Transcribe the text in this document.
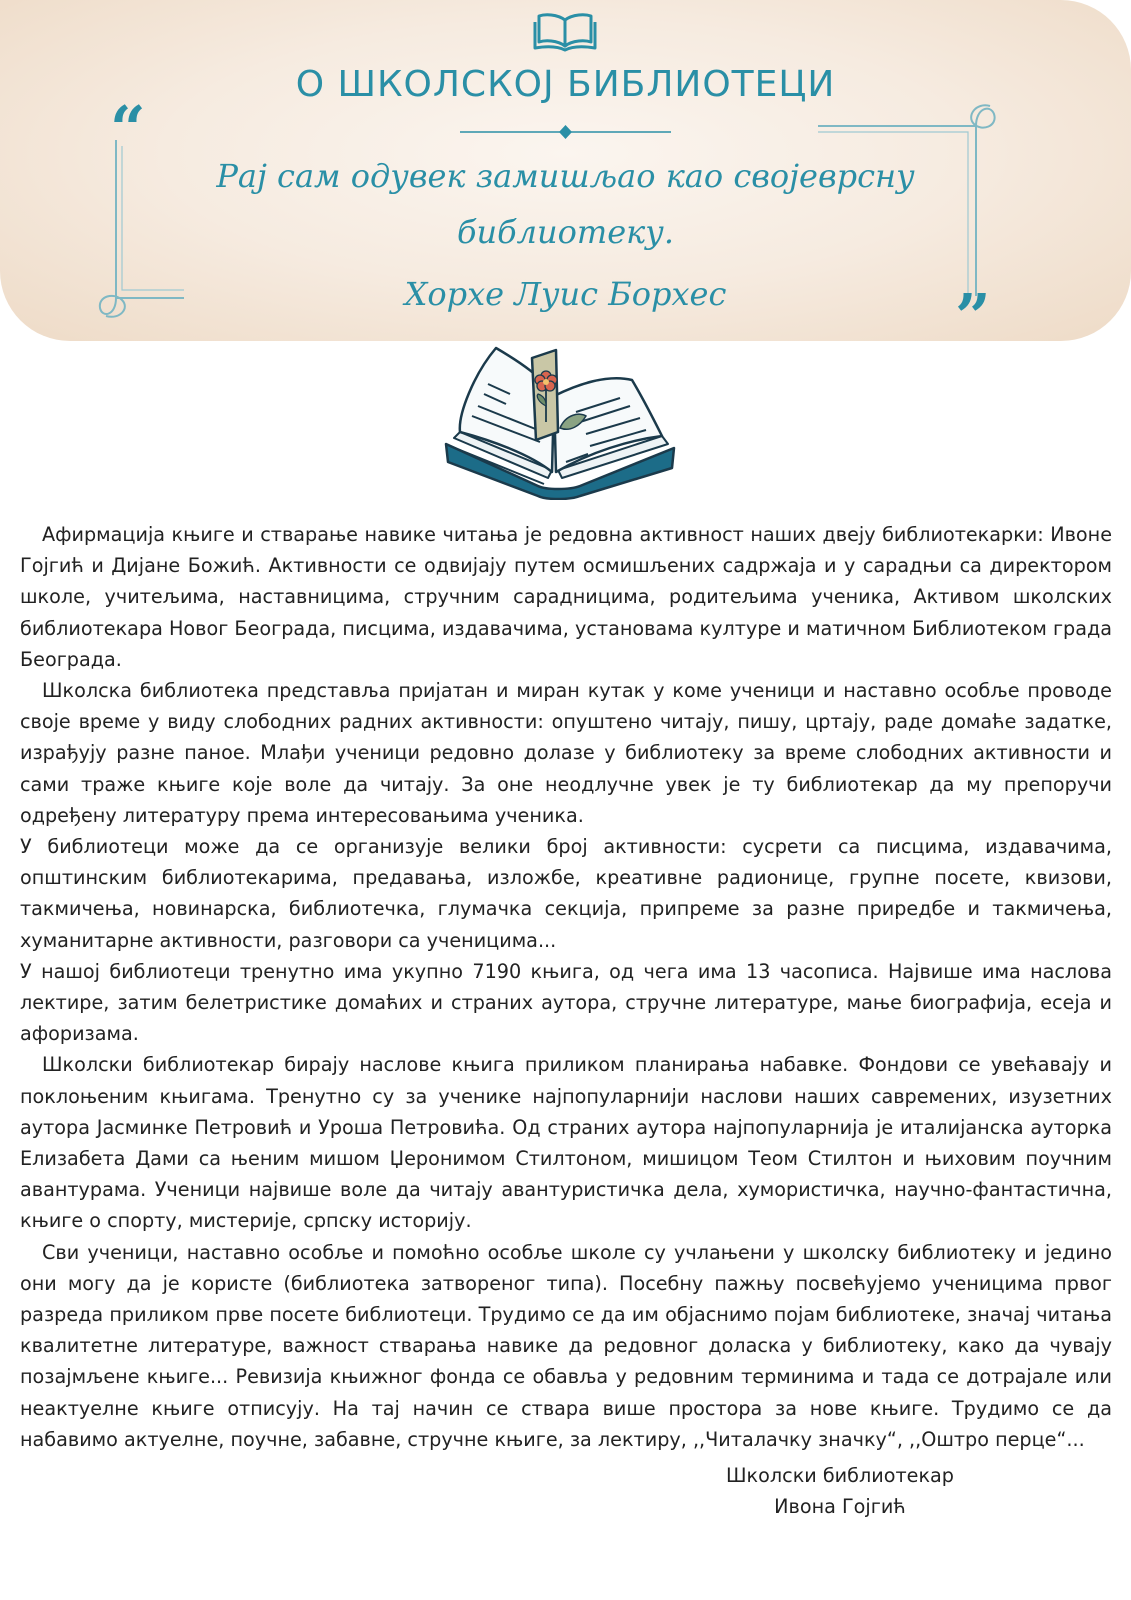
О ШКОЛСКОЈ БИБЛИОТЕЦИ
“
”
Рај сам одувек замишљао као својеврсну
библиотеку.
Хорхе Луис Борхес

Афирмација књиге и стварање навике читања је редовна активност наших двеју библиотекарки: Ивоне Гојгић и Дијане Божић. Активности се одвијају путем осмишљених садржаја и у сарадњи са директором школе, учитељима, наставницима, стручним сарадницима, родитељима ученика, Активом школских библиотекара Новог Београда, писцима, издавачима, установама културе и матичном Библиотеком града Београда.

Школска библиотека представља пријатан и миран кутак у коме ученици и наставно особље проводе своје време у виду слободних радних активности: опуштено читају, пишу, цртају, раде домаће задатке, израђују разне паное. Млађи ученици редовно долазе у библиотеку за време слободних активности и сами траже књиге које воле да читају. За оне неодлучне увек је ту библиотекар да му препоручи одређену литературу према интересовањима ученика.

У библиотеци може да се организује велики број активности: сусрети са писцима, издавачима, општинским библиотекарима, предавања, изложбе, креативне радионице, групне посете, квизови, такмичења, новинарска, библиотечка, глумачка секција, припреме за разне приредбе и такмичења, хуманитарне активности, разговори са ученицима...

У нашој библиотеци тренутно има укупно 7190 књига, од чега има 13 часописа. Највише има наслова лектире, затим белетристике домаћих и страних аутора, стручне литературе, мање биографија, есеја и афоризама.

Школски библиотекар бирају наслове књига приликом планирања набавке. Фондови се увећавају и поклоњеним књигама. Тренутно су за ученике најпопуларнији наслови наших савремених, изузетних аутора Јасминке Петровић и Уроша Петровића. Од страних аутора најпопуларнија је италијанска ауторка Елизабета Дами са њеним мишом Џеронимом Стилтоном, мишицом Теом Стилтон и њиховим поучним авантурама. Ученици највише воле да читају авантуристичка дела, хумористичка, научно-фантастична, књиге о спорту, мистерије, српску историју.

Сви ученици, наставно особље и помоћно особље школе су учлањени у школску библиотеку и једино они могу да је користе (библиотека затвореног типа). Посебну пажњу посвећујемо ученицима првог разреда приликом прве посете библиотеци. Трудимо се да им објаснимо појам библиотеке, значај читања квалитетне литературе, важност стварања навике да редовног доласка у библиотеку, како да чувају позајмљене књиге... Ревизија књижног фонда се обавља у редовним терминима и тада се дотрајале или неактуелне књиге отписују. На тај начин се ствара више простора за нове књиге. Трудимо се да набавимо актуелне, поучне, забавне, стручне књиге, за лектиру, ,,Читалачку значку“, ,,Оштро перце“...

Школски библиотекар
Ивона Гојгић
